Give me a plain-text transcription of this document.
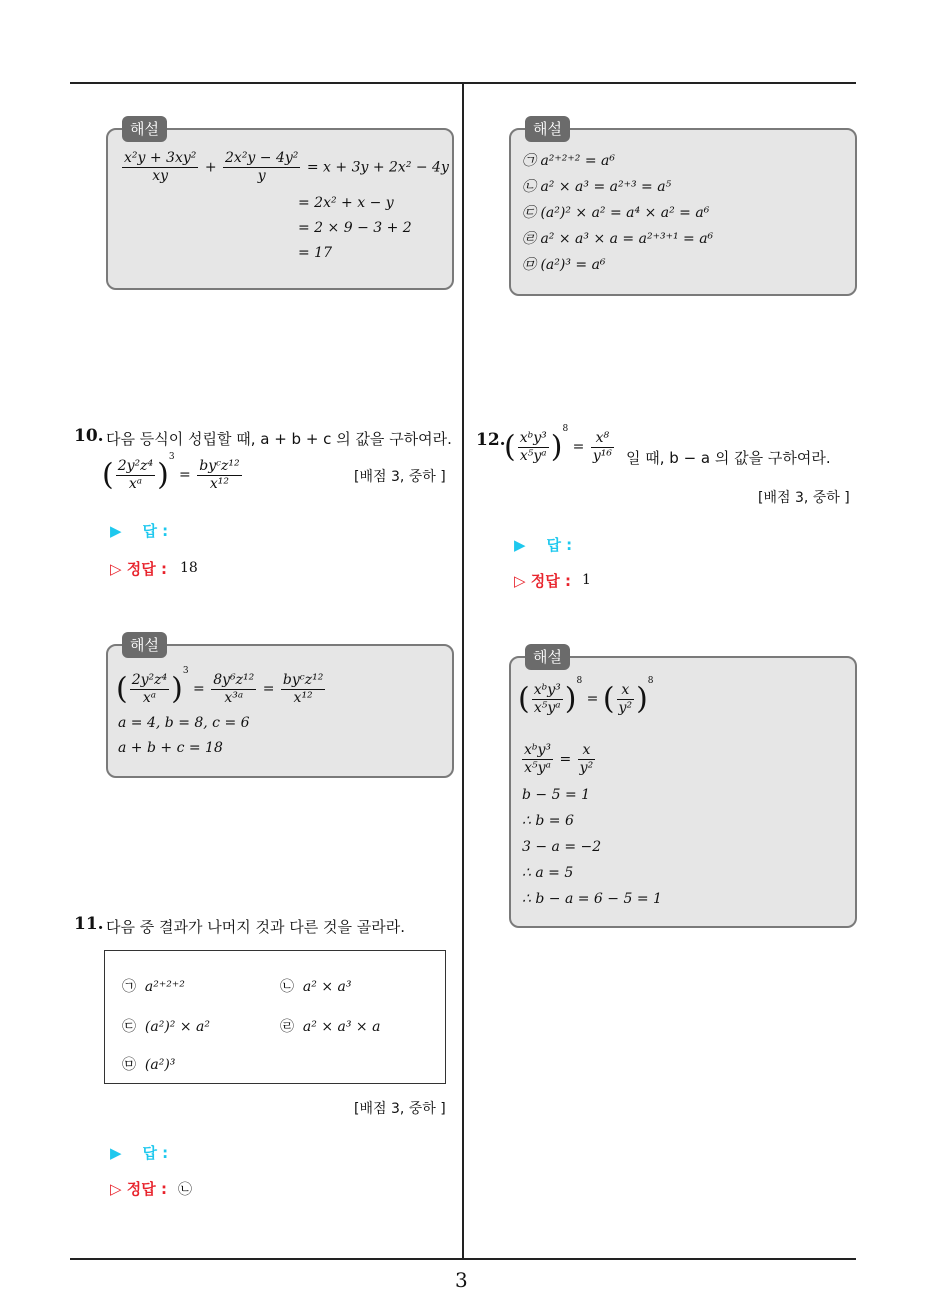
해설
$\frac{\text{x²y + 3xy²}}{xy} + \frac{\text{2x²y − 4y²}}{y} = x + 3y + 2x^2 - 4y$
= 2x² + x − y
= 2 × 9 − 3 + 2
= 17
10. 다음 등식이 성립할 때, a + b + c 의 값을 구하여라.
( $\frac{\text{2y²z⁴}}{\text{xᵃ}} )^3 = \frac{\text{byᶜz¹²}}{\text{x¹²}}$	[배점 3, 중하 ]
▶ 답 :
▷ 정답 : 18
해설
( $\frac{\text{2y²z⁴}}{\text{xᵃ}} )^3 = \frac{\text{8y⁶z¹²}}{\text{x³ᵃ}} = \frac{\text{byᶜz¹²}}{\text{x¹²}}$
a = 4, b = 8, c = 6
a + b + c = 18
11. 다음 중 결과가 나머지 것과 다른 것을 골라라.
㉠ a²⁺²⁺²	㉡ a² × a³
㉢ (a²)² × a²	㉣ a² × a³ × a
㉤ (a²)³
[배점 3, 중하 ]
▶ 답 :
▷ 정답 : ㉡
해설
㉠ a²⁺²⁺² = a⁶
㉡ a² × a³ = a²⁺³ = a⁵
㉢ (a²)² × a² = a⁴ × a² = a⁶
㉣ a² × a³ × a = a²⁺³⁺¹ = a⁶
㉤ (a²)³ = a⁶
12.
( $\frac{\text{xᵇy³}}{\text{x⁵yᵃ}} )^8 = \frac{\text{x⁸}}{\text{y¹⁶}}$ 일 때, b − a 의 값을 구하여라.
[배점 3, 중하 ]
▶ 답 :
▷ 정답 : 1
해설
( $\frac{\text{xᵇy³}}{\text{x⁵yᵃ}} )^8$ = ( $\frac{x}{\text{y²}} )^8$
$\frac{\text{xᵇy³}}{\text{x⁵yᵃ}} = \frac{x}{\text{y²}}$
b − 5 = 1
∴ b = 6
3 − a = −2
∴ a = 5
∴ b − a = 6 − 5 = 1
3
